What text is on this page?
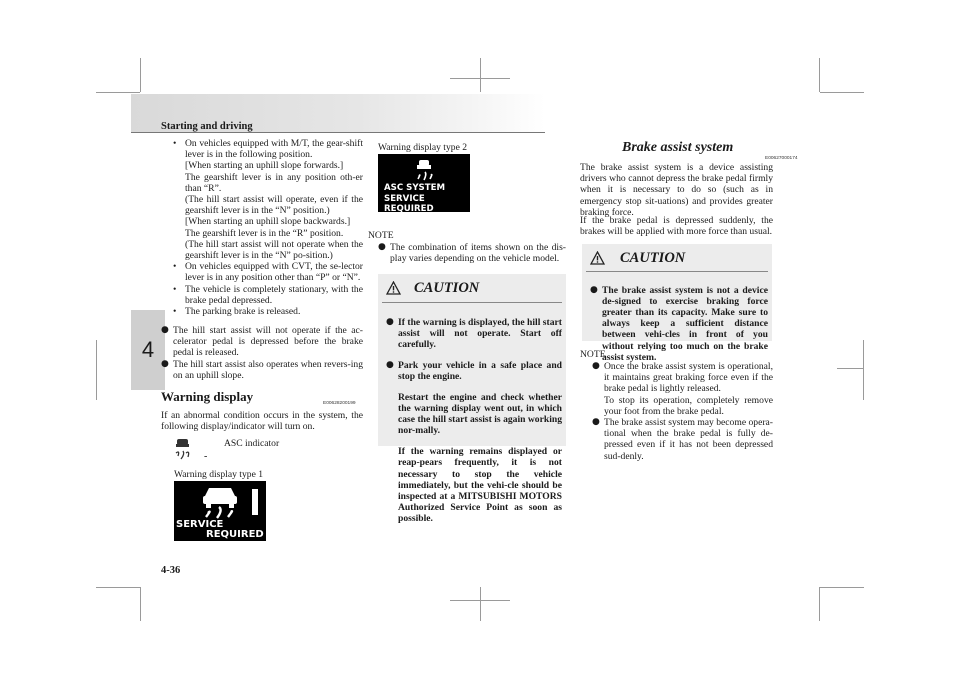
Starting and driving
4
• On vehicles equipped with M/T, the gear-shift lever is in the following position.

[When starting an uphill slope forwards.]

The gearshift lever is in any position oth-er than “R”.

(The hill start assist will operate, even if the gearshift lever is in the “N” position.)

[When starting an uphill slope backwards.]

The gearshift lever is in the “R” position.

(The hill start assist will not operate when the gearshift lever is in the “N” po-sition.)

• On vehicles equipped with CVT, the se-lector lever is in any position other than “P” or “N”.

• The vehicle is completely stationary, with the brake pedal depressed.

• The parking brake is released.

● The hill start assist will not operate if the ac-celerator pedal is depressed before the brake pedal is released.

● The hill start assist also operates when revers-ing on an uphill slope.

Warning display	E00628200199
If an abnormal condition occurs in the system, the following display/indicator will turn on.
-
ASC indicator
Warning display type 1
SERVICE
REQUIRED
Warning display type 2
ASC SYSTEM
SERVICE REQUIRED
NOTE
● The combination of items shown on the dis-play varies depending on the vehicle model.

CAUTION
● If the warning is displayed, the hill start assist will not operate. Start off carefully.

● Park your vehicle in a safe place and stop the engine.

Restart the engine and check whether the warning display went out, in which case the hill start assist is again working nor-mally.

If the warning remains displayed or reap-pears frequently, it is not necessary to stop the vehicle immediately, but the vehi-cle should be inspected at a MITSUBISHI MOTORS Authorized Service Point as soon as possible.

Brake assist system
E00627000174
The brake assist system is a device assisting drivers who cannot depress the brake pedal firmly when it is necessary to do so (such as in emergency stop sit-uations) and provides greater braking force.
If the brake pedal is depressed suddenly, the brakes will be applied with more force than usual.
CAUTION
● The brake assist system is not a device de-signed to exercise braking force greater than its capacity. Make sure to always keep a sufficient distance between vehi-cles in front of you without relying too much on the brake assist system.

NOTE
● Once the brake assist system is operational, it maintains great braking force even if the brake pedal is lightly released.

To stop its operation, completely remove your foot from the brake pedal.

● The brake assist system may become opera-tional when the brake pedal is fully de-pressed even if it has not been depressed sud-denly.

4-36
